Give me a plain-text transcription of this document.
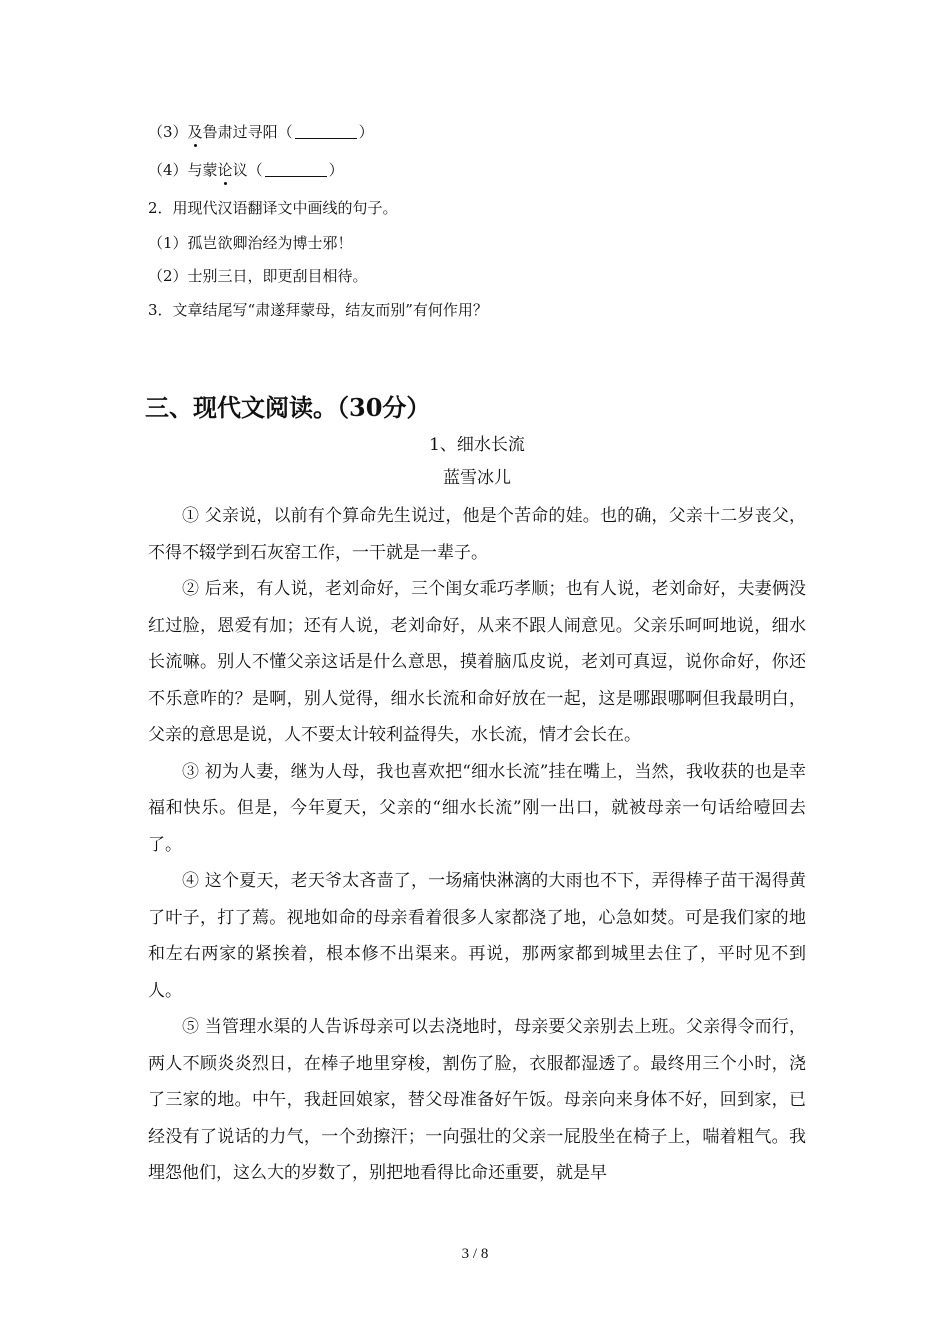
（3）及鲁肃过寻阳（	）
（4）与蒙论议（	）
2．用现代汉语翻译文中画线的句子。
（1）孤岂欲卿治经为博士邪！
（2）士别三日，即更刮目相待。
3．文章结尾写“肃遂拜蒙母，结友而别”有何作用？
三、现代文阅读。（30分）
1、细水长流
蓝雪冰儿

① 父亲说，以前有个算命先生说过，他是个苦命的娃。也的确，父亲十二岁丧父，不得不辍学到石灰窑工作，一干就是一辈子。

② 后来，有人说，老刘命好，三个闺女乖巧孝顺；也有人说，老刘命好，夫妻俩没红过脸，恩爱有加；还有人说，老刘命好，从来不跟人闹意见。父亲乐呵呵地说，细水长流嘛。别人不懂父亲这话是什么意思，摸着脑瓜皮说，老刘可真逗，说你命好，你还不乐意咋的？是啊，别人觉得，细水长流和命好放在一起，这是哪跟哪啊但我最明白，父亲的意思是说，人不要太计较利益得失，水长流，情才会长在。

③ 初为人妻，继为人母，我也喜欢把“细水长流”挂在嘴上，当然，我收获的也是幸福和快乐。但是，今年夏天，父亲的“细水长流”刚一出口，就被母亲一句话给噎回去了。

④ 这个夏天，老天爷太吝啬了，一场痛快淋漓的大雨也不下，弄得棒子苗干渴得黄了叶子，打了蔫。视地如命的母亲看着很多人家都浇了地，心急如焚。可是我们家的地和左右两家的紧挨着，根本修不出渠来。再说，那两家都到城里去住了，平时见不到人。

⑤ 当管理水渠的人告诉母亲可以去浇地时，母亲要父亲别去上班。父亲得令而行，两人不顾炎炎烈日，在棒子地里穿梭，割伤了脸，衣服都湿透了。最终用三个小时，浇了三家的地。中午，我赶回娘家，替父母准备好午饭。母亲向来身体不好，回到家，已经没有了说话的力气，一个劲擦汗；一向强壮的父亲一屁股坐在椅子上，喘着粗气。我埋怨他们，这么大的岁数了，别把地看得比命还重要，就是早

3 / 8
